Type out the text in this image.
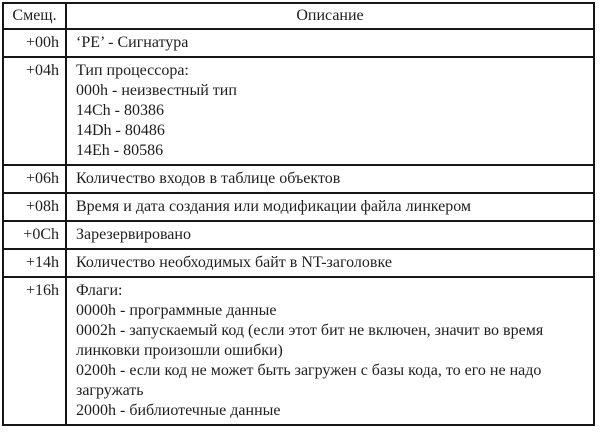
Смещ.	Описание
+00h	‘PE’ - Сигнатура

+04h	Тип процессора:
000h - неизвестный тип
14Ch - 80386
14Dh - 80486
14Eh - 80586

+06h	Количество входов в таблице объектов

+08h	Время и дата создания или модификации файла линкером

+0Ch	Зарезервировано

+14h	Количество необходимых байт в NT-заголовке

+16h	Флаги:
0000h - программные данные
0002h - запускаемый код (если этот бит не включен, значит во время линковки произошли ошибки)
0200h - если код не может быть загружен с базы кода, то его не надо загружать
2000h - библиотечные данные
